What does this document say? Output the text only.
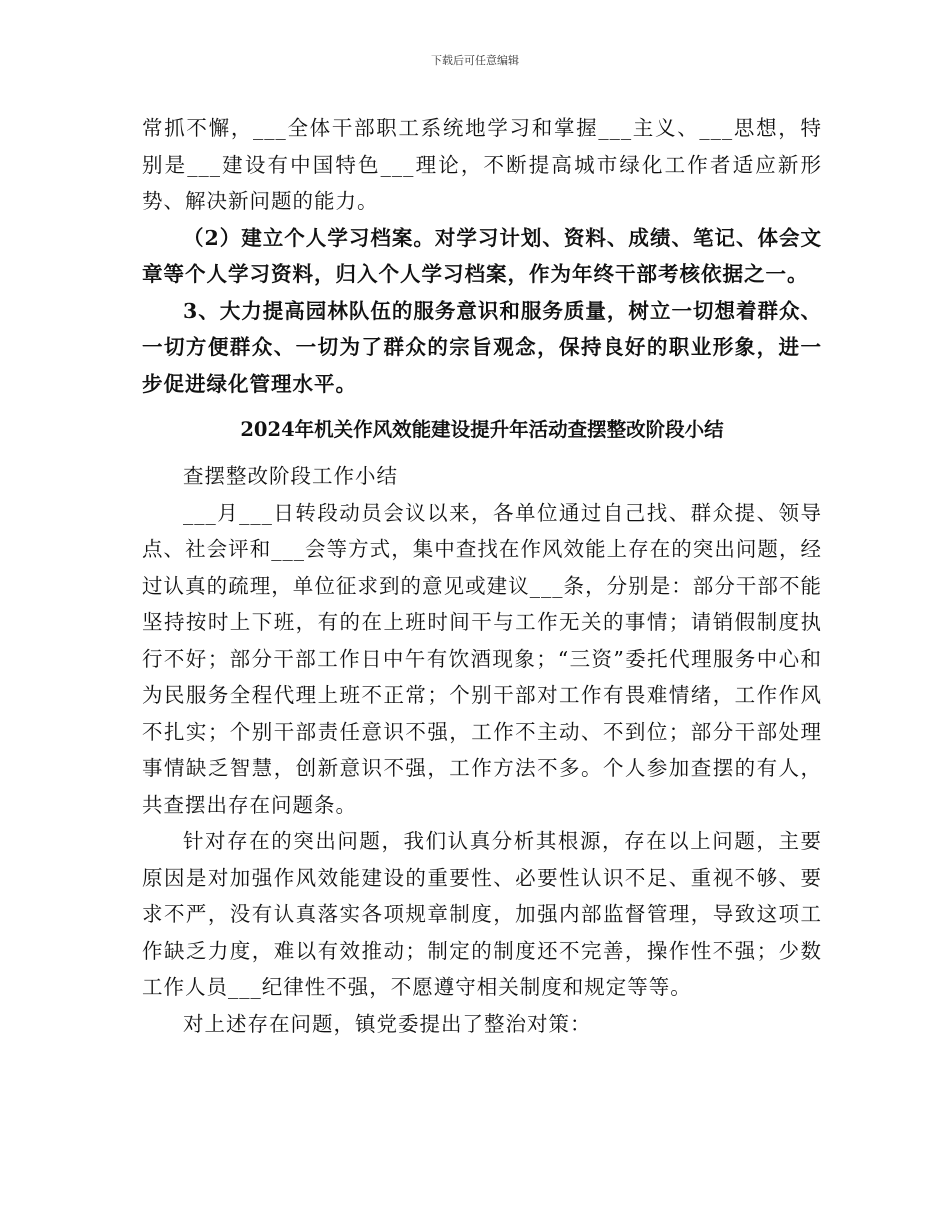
下载后可任意编辑

常抓不懈，___全体干部职工系统地学习和掌握___主义、___思想，特别是___建设有中国特色___理论，不断提高城市绿化工作者适应新形势、解决新问题的能力。

（2）建立个人学习档案。对学习计划、资料、成绩、笔记、体会文章等个人学习资料，归入个人学习档案，作为年终干部考核依据之一。

3、大力提高园林队伍的服务意识和服务质量，树立一切想着群众、一切方便群众、一切为了群众的宗旨观念，保持良好的职业形象，进一步促进绿化管理水平。

2024年机关作风效能建设提升年活动查摆整改阶段小结

查摆整改阶段工作小结

___月___日转段动员会议以来，各单位通过自己找、群众提、领导点、社会评和___会等方式，集中查找在作风效能上存在的突出问题，经过认真的疏理，单位征求到的意见或建议___条，分别是：部分干部不能坚持按时上下班，有的在上班时间干与工作无关的事情；请销假制度执行不好；部分干部工作日中午有饮酒现象；“三资”委托代理服务中心和为民服务全程代理上班不正常；个别干部对工作有畏难情绪，工作作风不扎实；个别干部责任意识不强，工作不主动、不到位；部分干部处理事情缺乏智慧，创新意识不强，工作方法不多。个人参加查摆的有人，共查摆出存在问题条。

针对存在的突出问题，我们认真分析其根源，存在以上问题，主要原因是对加强作风效能建设的重要性、必要性认识不足、重视不够、要求不严，没有认真落实各项规章制度，加强内部监督管理，导致这项工作缺乏力度，难以有效推动；制定的制度还不完善，操作性不强；少数工作人员___纪律性不强，不愿遵守相关制度和规定等等。

对上述存在问题，镇党委提出了整治对策：
